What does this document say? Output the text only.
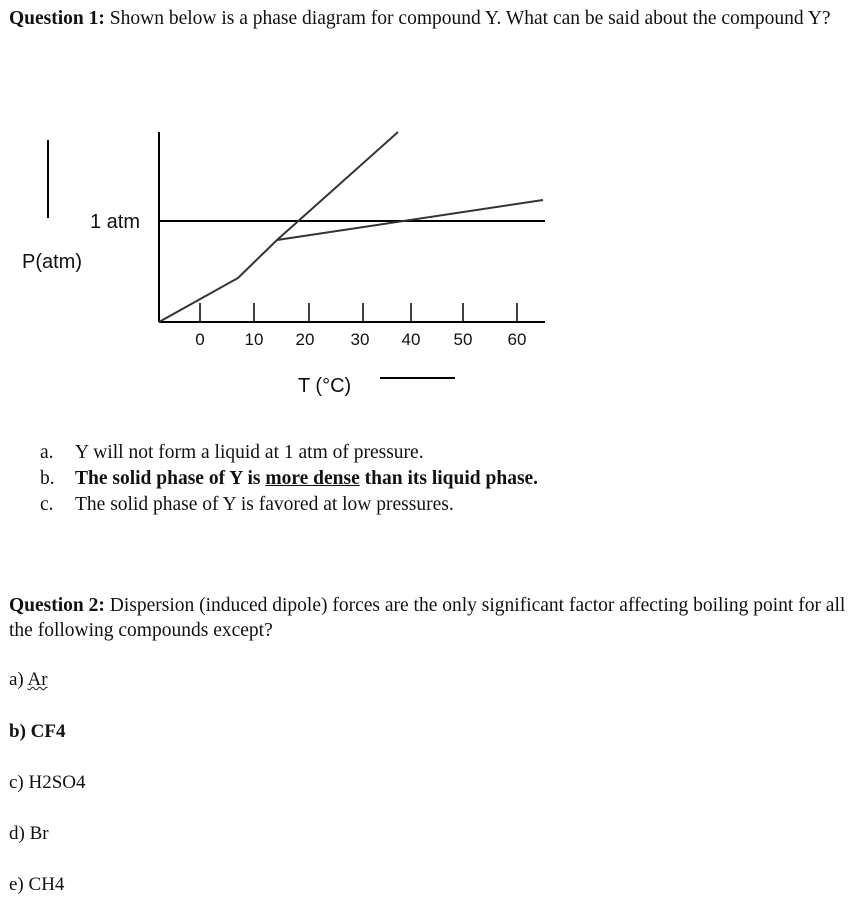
Question 1: Shown below is a phase diagram for compound Y. What can be said about the compound Y?
P(atm)
1 atm
0 10 20 30 40 50 60
T (°C)
a.	Y will not form a liquid at 1 atm of pressure.
b.	The solid phase of Y is more dense than its liquid phase.
c.	The solid phase of Y is favored at low pressures.
Question 2: Dispersion (induced dipole) forces are the only significant factor affecting boiling point for all the following compounds except?
a) Ar
b) CF4
c) H2SO4
d) Br
e) CH4
